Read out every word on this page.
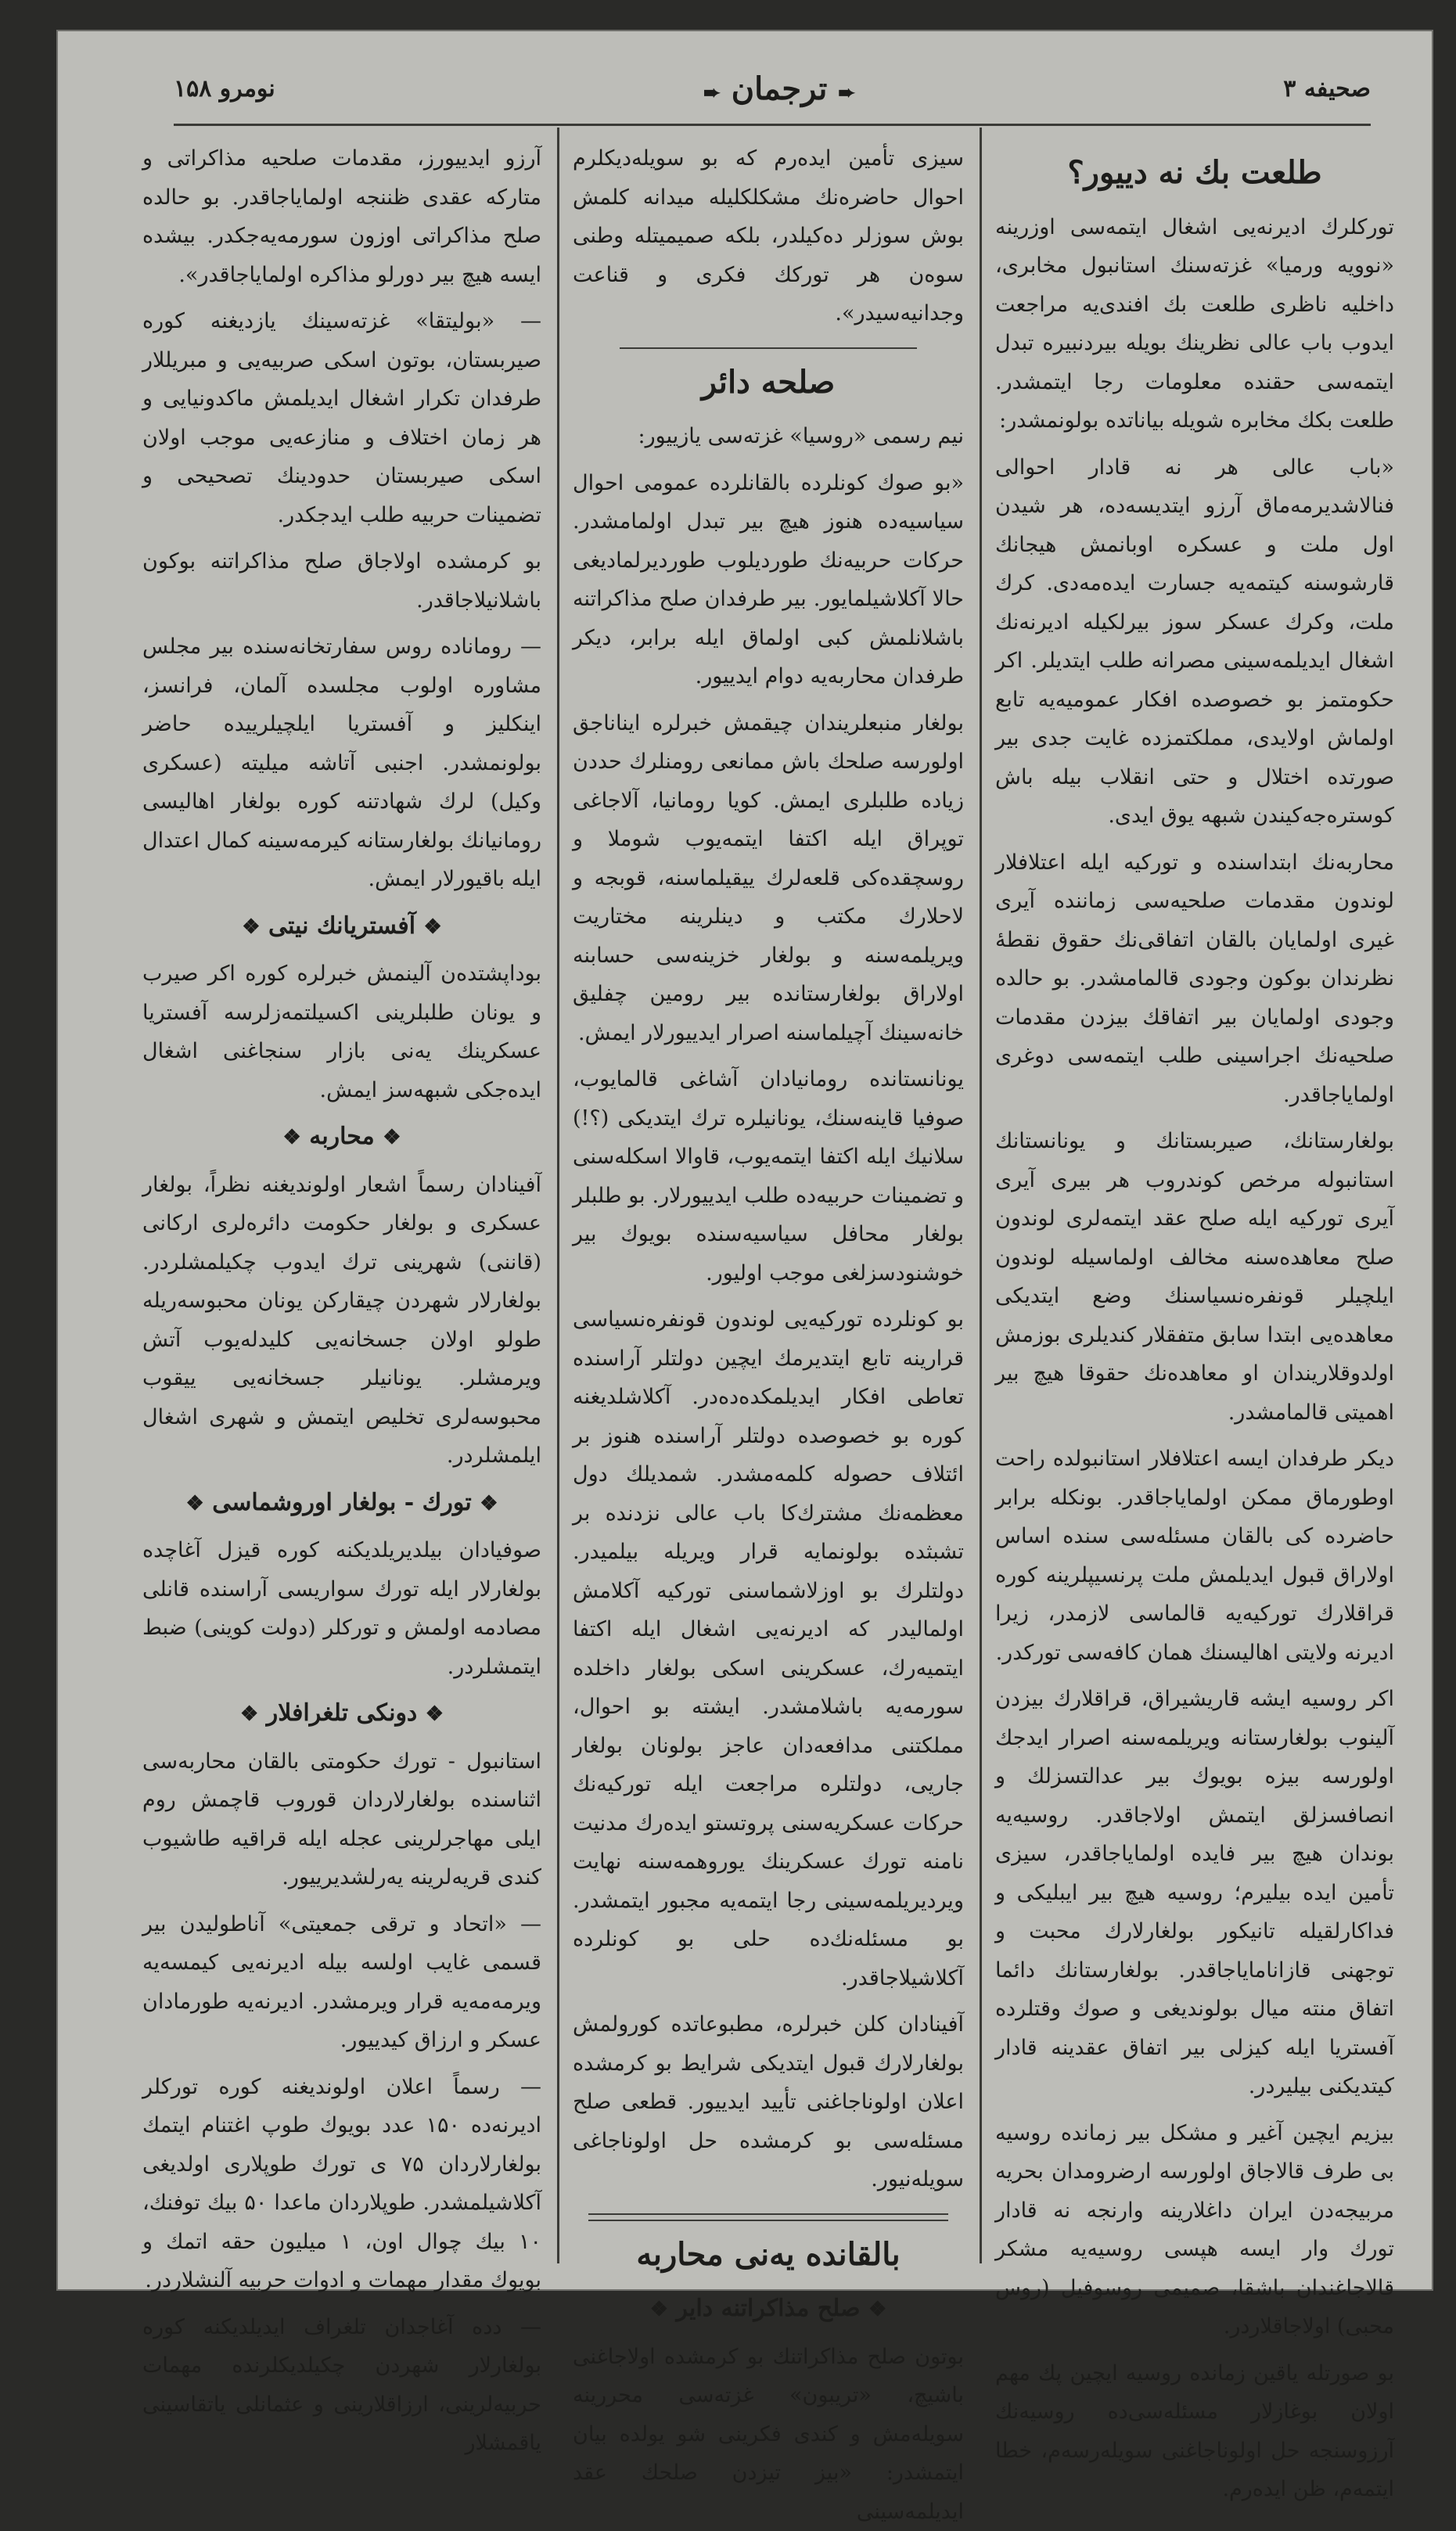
صحیفه ۳
➨ ترجمان ➨
نومرو ۱۵۸
طلعت بك نه دییور؟

توركلرك ادیرنه‌یی اشغال ایتمه‌سی اوزرینه «نوویه ورمیا» غزته‌سنك استانبول مخابری، داخلیه ناظری طلعت بك افندی‌یه مراجعت ایدوب باب عالی نظرینك بویله بیردنبیره تبدل ایتمه‌سی حقنده معلومات رجا ایتمشدر. طلعت بكك مخابره شویله بیاناتده بولونمشدر:

«باب عالی هر نه قادار احوالی فنالاشدیرمه‌ماق آرزو ایتدیسه‌ده، هر شیدن اول ملت و عسكره اوبانمش هیجانك قارشوسنه كیتمه‌یه جسارت ایده‌مه‌دی. كرك ملت، وكرك عسكر سوز بیرلكیله ادیرنه‌نك اشغال ایدیلمه‌سینی مصرانه طلب ایتدیلر. اكر حكومتمز بو خصوصده افكار عمومیه‌یه تابع اولماش اولایدی، مملكتمزده غایت جدی بیر صورتده اختلال و حتی انقلاب بیله باش كوستره‌جه‌كیندن شبهه یوق ایدی.

محاربه‌نك ابتداسنده و توركیه ایله اعتلافلار لوندون مقدمات صلحیه‌سی زماننده آیری غیری اولمایان بالقان اتفاقی‌نك حقوق نقطهٔ نظرندان بوكون وجودی قالمامشدر. بو حالده وجودی اولمایان بیر اتفاقك بیزدن مقدمات صلحیه‌نك اجراسینی طلب ایتمه‌سی دوغری اولمایاجاقدر.

بولغارستانك، صیربستانك و یونانستانك استانبوله مرخص كوندروب هر بیری آیری آیری توركیه ایله صلح عقد ایتمه‌لری لوندون صلح معاهده‌سنه مخالف اولماسیله لوندون ایلچیلر قونفره‌نسیاسنك وضع ایتدیكی معاهده‌یی ابتدا سابق متفقلار كندیلری بوزمش اولدوقلاریندان او معاهده‌نك حقوقا هیچ بیر اهمیتی قالمامشدر.

دیكر طرفدان ایسه اعتلافلار استانبولده راحت اوطورماق ممكن اولمایاجاقدر. بونكله برابر حاضرده كی بالقان مسئله‌سی سنده اساس اولاراق قبول ایدیلمش ملت پرنسیپلرینه كوره قراقلارك توركیه‌یه قالماسی لازمدر، زیرا ادیرنه ولایتی اهالیسنك همان كافه‌سی توركدر.

اكر روسیه ایشه قاریشیراق، قراقلارك بیزدن آلینوب بولغارستانه ویریلمه‌سنه اصرار ایدجك اولورسه بیزه بویوك بیر عدالتسزلك و انصافسزلق ایتمش اولاجاقدر. روسیه‌یه بوندان هیچ بیر فایده اولمایاجاقدر، سیزی تأمین ایده بیلیرم؛ روسیه هیچ بیر ایبلیكی و فداكارلقیله تانیكور بولغارلارك محبت و توجهنی قازانامایاجاقدر. بولغارستانك دائما اتفاق منته میال بولوندیغی و صوك وقتلرده آفستریا ایله كیزلی بیر اتفاق عقدینه قادار كیتدیكنی بیلیردر.

بیزیم ایچین آغیر و مشكل بیر زمانده روسیه بی طرف قالاجاق اولورسه ارضرومدان بحریه مربیجه‌دن ایران داغلارینه وارنجه نه قادار تورك وار ایسه هپسی روسیه‌یه مشكر قالاجاغندان باشقا، صمیمی روسوفیل (روس محبی) اولاجاقلاردر.

بو صورتله یاقین زمانده روسیه ایچین پك مهم اولان بوغازلار مسئله‌سی‌ده روسیه‌نك آرزوسنجه حل اولوناجاغنی سویله‌رسه‌م، خطا ایتمه‌م، ظن ایده‌رم.

سیزی تأمین ایده‌رم كه بو سویله‌دیكلرم احوال حاضره‌نك مشكلكلیله میدانه كلمش بوش سوزلر ده‌كیلدر، بلكه صمیمیتله وطنی سوه‌ن هر توركك فكری و قناعت وجدانیه‌سیدر».

صلحه دائر

نیم رسمی «روسیا» غزته‌سی یازییور:

«بو صوك كونلرده بالقانلرده عمومی احوال سیاسیه‌ده هنوز هیچ بیر تبدل اولمامشدر. حركات حربیه‌نك طوردیلوب طوردیرلمادیغی حالا آكلاشیلمایور. بیر طرفدان صلح مذاكراتنه باشلانلمش كبی اولماق ایله برابر، دیكر طرفدان محاربه‌یه دوام ایدییور.

بولغار منبعلریندان چیقمش خبرلره ایناناجق اولورسه صلحك باش ممانعی رومنلرك حددن زیاده طلبلری ایمش. كویا رومانیا، آلاجاغی توپراق ایله اكتفا ایتمه‌یوب شوملا و روسچقده‌كی قلعه‌لرك ییقیلماسنه، قوبجه و لاحلارك مكتب و دینلرینه مختاریت ویریلمه‌سنه و بولغار خزینه‌سی حسابنه اولاراق بولغارستانده بیر رومین چفلیق خانه‌سینك آچیلماسنه اصرار ایدییورلار ایمش.

یونانستانده رومانیادان آشاغی قالمایوب، صوفیا قاینه‌سنك، یونانیلره ترك ایتدیكی (؟!) سلانیك ایله اكتفا ایتمه‌یوب، قاوالا اسكله‌سنی و تضمینات حربیه‌ده طلب ایدییورلار. بو طلبلر بولغار محافل سیاسیه‌سنده بویوك بیر خوشنودسزلغی موجب اولیور.

بو كونلرده توركیه‌یی لوندون قونفره‌نسیاسی قرارینه تابع ایتدیرمك ایچین دولتلر آراسنده تعاطی افكار ایدیلمكده‌ده‌در. آكلاشلدیغنه كوره بو خصوصده دولتلر آراسنده هنوز بر ائتلاف حصوله كلمه‌مشدر. شمدیلك دول معظمه‌نك مشترك‌كا باب عالی نزدنده بر تشبثده بولونمایه قرار ویریله بیلمیدر. دولتلرك بو اوزلاشماسنی توركیه آكلامش اولمالیدر كه ادیرنه‌یی اشغال ایله اكتفا ایتمیه‌رك، عسكرینی اسكی بولغار داخلده سورمه‌یه باشلامشدر. ایشته بو احوال، مملكتنی مدافعه‌دان عاجز بولونان بولغار جاریی، دولتلره مراجعت ایله توركیه‌نك حركات عسكریه‌سنی پروتستو ایده‌رك مدنیت نامنه تورك عسكرینك یوروهمه‌سنه نهایت ویردیریلمه‌سینی رجا ایتمه‌یه مجبور ایتمشدر. بو مسئله‌نك‌ده حلی بو كونلرده آكلاشیلاجاقدر.

آفینادان كلن خبرلره، مطبوعاتده كورولمش بولغارلارك قبول ایتدیكی شرایط بو كرمشده اعلان اولوناجاغنی تأیید ایدییور. قطعی صلح مسئله‌سی بو كرمشده حل اولوناجاغی سویله‌نیور.

بالقانده یه‌نی محاربه
❖ صلح مذاكراتنه دایر ❖

بوتون صلح مذاكراتنك بو كرمشده اولاجاغنی باشیچ، «تریبون» غزته‌سی محررینه سویله‌مش و كندی فكرینی شو یولده بیان ایتمشدر: «بیز تیزدن صلحك عقد ایدیلمه‌سینی

آرزو ایدییورز، مقدمات صلحیه مذاكراتی و متاركه عقدی ظننجه اولمایاجاقدر. بو حالده صلح مذاكراتی اوزون سورمه‌یه‌جكدر. بیشده ایسه هیچ بیر دورلو مذاكره اولمایاجاقدر».

— «بولیتقا» غزته‌سینك یازدیغنه كوره صیربستان، بوتون اسكی صربیه‌یی و مبریللار طرفدان تكرار اشغال ایدیلمش ماكدونیایی و هر زمان اختلاف و منازعه‌یی موجب اولان اسكی صیربستان حدودینك تصحیحی و تضمینات حربیه طلب ایدجكدر.

بو كرمشده اولاجاق صلح مذاكراتنه بوكون باشلانیلاجاقدر.

— روماناده روس سفارتخانه‌سنده بیر مجلس مشاوره اولوب مجلسده آلمان، فرانسز، اینكلیز و آفستریا ایلچیلرییده حاضر بولونمشدر. اجنبی آتاشه میلیته (عسكری وكیل) لرك شهادتنه كوره بولغار اهالیسی رومانیانك بولغارستانه كیرمه‌سینه كمال اعتدال ایله باقیورلار ایمش.

❖ آفستریانك نیتی ❖

بوداپشتده‌ن آلینمش خبرلره كوره اكر صیرب و یونان طلبلرینی اكسیلتمه‌زلرسه آفستریا عسكرینك یه‌نی بازار سنجاغنی اشغال ایده‌جكی شبهه‌سز ایمش.

❖ محاربه ❖

آفینادان رسماً اشعار اولوندیغنه نظراً، بولغار عسكری و بولغار حكومت دائره‌لری اركانی (قاننی) شهرینی ترك ایدوب چكیلمشلردر. بولغارلار شهردن چیقاركن یونان محبوسه‌ریله طولو اولان جسخانه‌یی كلیدله‌یوب آتش ویرمشلر. یونانیلر جسخانه‌یی ییقوب محبوسه‌لری تخلیص ایتمش و شهری اشغال ایلمشلردر.

❖ تورك - بولغار اوروشماسی ❖

صوفیادان بیلدیریلدیكنه كوره قیزل آغاچده بولغارلار ایله تورك سواریسی آراسنده قانلی مصادمه اولمش و توركلر (دولت كوینی) ضبط ایتمشلردر.

❖ دونكی تلغرافلار ❖

استانبول - تورك حكومتی بالقان محاربه‌سی اثناسنده بولغارلاردان قوروب قاچمش روم ایلی مهاجرلرینی عجله ایله قراقیه طاشیوب كندی قریه‌لرینه یه‌رلشدیرییور.

— «اتحاد و ترقی جمعیتی» آناطولیدن بیر قسمی غایب اولسه بیله ادیرنه‌یی كیمسه‌یه ویرمه‌مه‌یه قرار ویرمشدر. ادیرنه‌یه طورمادان عسكر و ارزاق كیدییور.

— رسماً اعلان اولوندیغنه كوره توركلر ادیرنه‌ده ۱۵۰ عدد بویوك طوپ اغتنام ایتمك بولغارلاردان ۷۵ ی تورك طوپلاری اولدیغی آكلاشیلمشدر. طوپلاردان ماعدا ۵۰ بیك توفنك، ۱۰ بیك چوال اون، ۱ میلیون حقه اتمك و بویوك مقدار مهمات و ادوات حربیه آلنشلاردر.

— دده آغاجدان تلغراف ایدیلدیكنه كوره بولغارلار شهردن چكیلدیكلرنده مهمات حربیه‌لرینی، ارزاقلارینی و عثمانلی یاتقاسینی یاقمشلار
